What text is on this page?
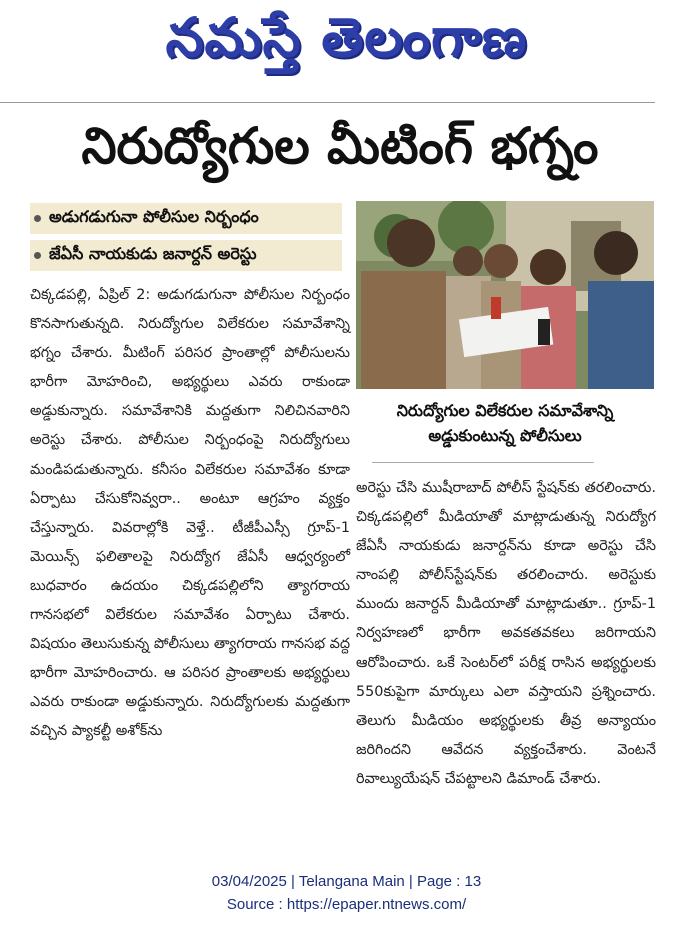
నమస్తే తెలంగాణ
నిరుద్యోగుల మీటింగ్ భగ్నం
అడుగడుగునా పోలీసుల నిర్బంధం
జేఏసీ నాయకుడు జనార్దన్ అరెస్టు

చిక్కడపల్లి, ఏప్రిల్ 2: అడుగడుగునా పోలీసుల నిర్బంధం కొనసాగుతున్నది. నిరుద్యోగుల విలేకరుల సమావేశాన్ని భగ్నం చేశారు. మీటింగ్ పరిసర ప్రాంతాల్లో పోలీసులను భారీగా మోహరించి, అభ్యర్థులు ఎవరు రాకుండా అడ్డుకున్నారు. సమావేశానికి మద్దతుగా నిలిచినవారిని అరెస్టు చేశారు. పోలీసుల నిర్బంధంపై నిరుద్యోగులు మండిపడుతున్నారు. కనీసం విలేకరుల సమావేశం కూడా ఏర్పాటు చేసుకోనివ్వరా.. అంటూ ఆగ్రహం వ్యక్తం చేస్తున్నారు. వివరాల్లోకి వెళ్తే.. టీజీపీఎస్సీ గ్రూప్-1 మెయిన్స్ ఫలితాలపై నిరుద్యోగ జేఏసీ ఆధ్వర్యంలో బుధవారం ఉదయం చిక్కడపల్లిలోని త్యాగరాయ గానసభలో విలేకరుల సమావేశం ఏర్పాటు చేశారు. విషయం తెలుసుకున్న పోలీసులు త్యాగరాయ గానసభ వద్ద భారీగా మోహరించారు. ఆ పరిసర ప్రాంతాలకు అభ్యర్థులు ఎవరు రాకుండా అడ్డుకున్నారు. నిరుద్యోగులకు మద్దతుగా వచ్చిన ప్యాకల్టీ అశోక్‌ను

నిరుద్యోగుల విలేకరుల సమావేశాన్ని అడ్డుకుంటున్న పోలీసులు

అరెస్టు చేసి ముషీరాబాద్ పోలీస్ స్టేషన్‌కు తరలించారు. చిక్కడపల్లిలో మీడియాతో మాట్లాడుతున్న నిరుద్యోగ జేఏసీ నాయకుడు జనార్దన్‌ను కూడా అరెస్టు చేసి నాంపల్లి పోలీస్‌స్టేషన్‌కు తరలించారు. అరెస్టుకు ముందు జనార్దన్ మీడియాతో మాట్లాడుతూ.. గ్రూప్-1 నిర్వహణలో భారీగా అవకతవకలు జరిగాయని ఆరోపించారు. ఒకే సెంటర్‌లో పరీక్ష రాసిన అభ్యర్థులకు 550కుపైగా మార్కులు ఎలా వస్తాయని ప్రశ్నించారు. తెలుగు మీడియం అభ్యర్థులకు తీవ్ర అన్యాయం జరిగిందని ఆవేదన వ్యక్తంచేశారు. వెంటనే రివాల్యుయేషన్ చేపట్టాలని డిమాండ్ చేశారు.

03/04/2025 | Telangana Main | Page : 13
Source : https://epaper.ntnews.com/
